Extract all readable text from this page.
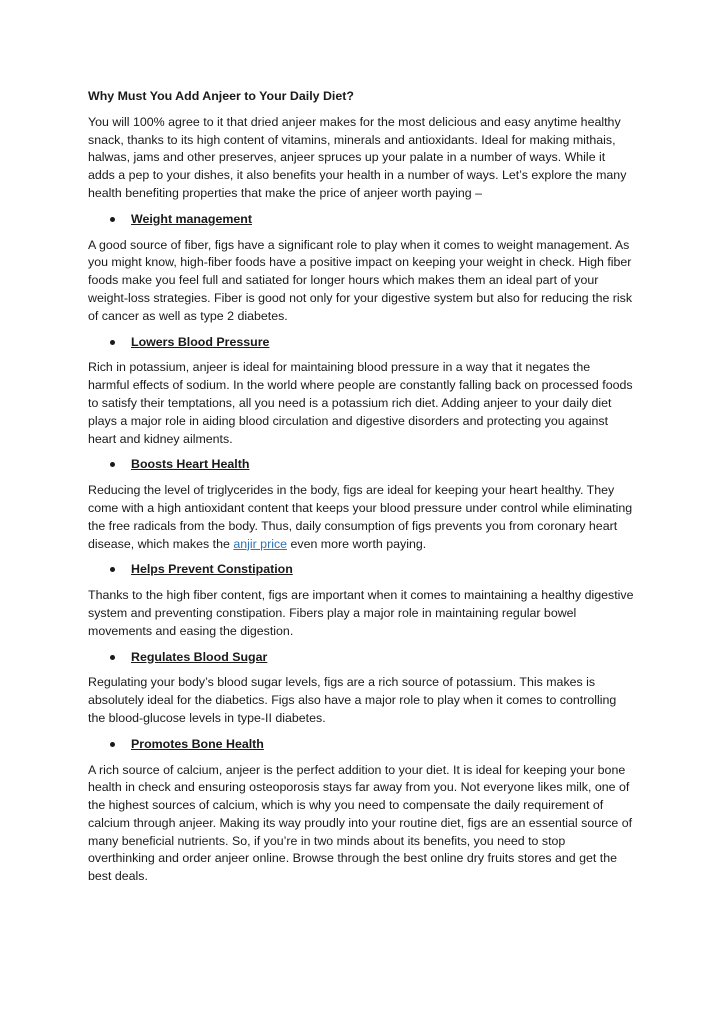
Why Must You Add Anjeer to Your Daily Diet?

You will 100% agree to it that dried anjeer makes for the most delicious and easy anytime healthy snack, thanks to its high content of vitamins, minerals and antioxidants. Ideal for making mithais, halwas, jams and other preserves, anjeer spruces up your palate in a number of ways. While it adds a pep to your dishes, it also benefits your health in a number of ways. Let’s explore the many health benefiting properties that make the price of anjeer worth paying –

Weight management

A good source of fiber, figs have a significant role to play when it comes to weight management. As you might know, high-fiber foods have a positive impact on keeping your weight in check. High fiber foods make you feel full and satiated for longer hours which makes them an ideal part of your weight-loss strategies. Fiber is good not only for your digestive system but also for reducing the risk of cancer as well as type 2 diabetes.

Lowers Blood Pressure

Rich in potassium, anjeer is ideal for maintaining blood pressure in a way that it negates the harmful effects of sodium. In the world where people are constantly falling back on processed foods to satisfy their temptations, all you need is a potassium rich diet. Adding anjeer to your daily diet plays a major role in aiding blood circulation and digestive disorders and protecting you against heart and kidney ailments.

Boosts Heart Health

Reducing the level of triglycerides in the body, figs are ideal for keeping your heart healthy. They come with a high antioxidant content that keeps your blood pressure under control while eliminating the free radicals from the body. Thus, daily consumption of figs prevents you from coronary heart disease, which makes the anjir price even more worth paying.

Helps Prevent Constipation

Thanks to the high fiber content, figs are important when it comes to maintaining a healthy digestive system and preventing constipation. Fibers play a major role in maintaining regular bowel movements and easing the digestion.

Regulates Blood Sugar

Regulating your body’s blood sugar levels, figs are a rich source of potassium. This makes is absolutely ideal for the diabetics. Figs also have a major role to play when it comes to controlling the blood-glucose levels in type-II diabetes.

Promotes Bone Health

A rich source of calcium, anjeer is the perfect addition to your diet. It is ideal for keeping your bone health in check and ensuring osteoporosis stays far away from you. Not everyone likes milk, one of the highest sources of calcium, which is why you need to compensate the daily requirement of calcium through anjeer. Making its way proudly into your routine diet, figs are an essential source of many beneficial nutrients. So, if you’re in two minds about its benefits, you need to stop overthinking and order anjeer online. Browse through the best online dry fruits stores and get the best deals.
